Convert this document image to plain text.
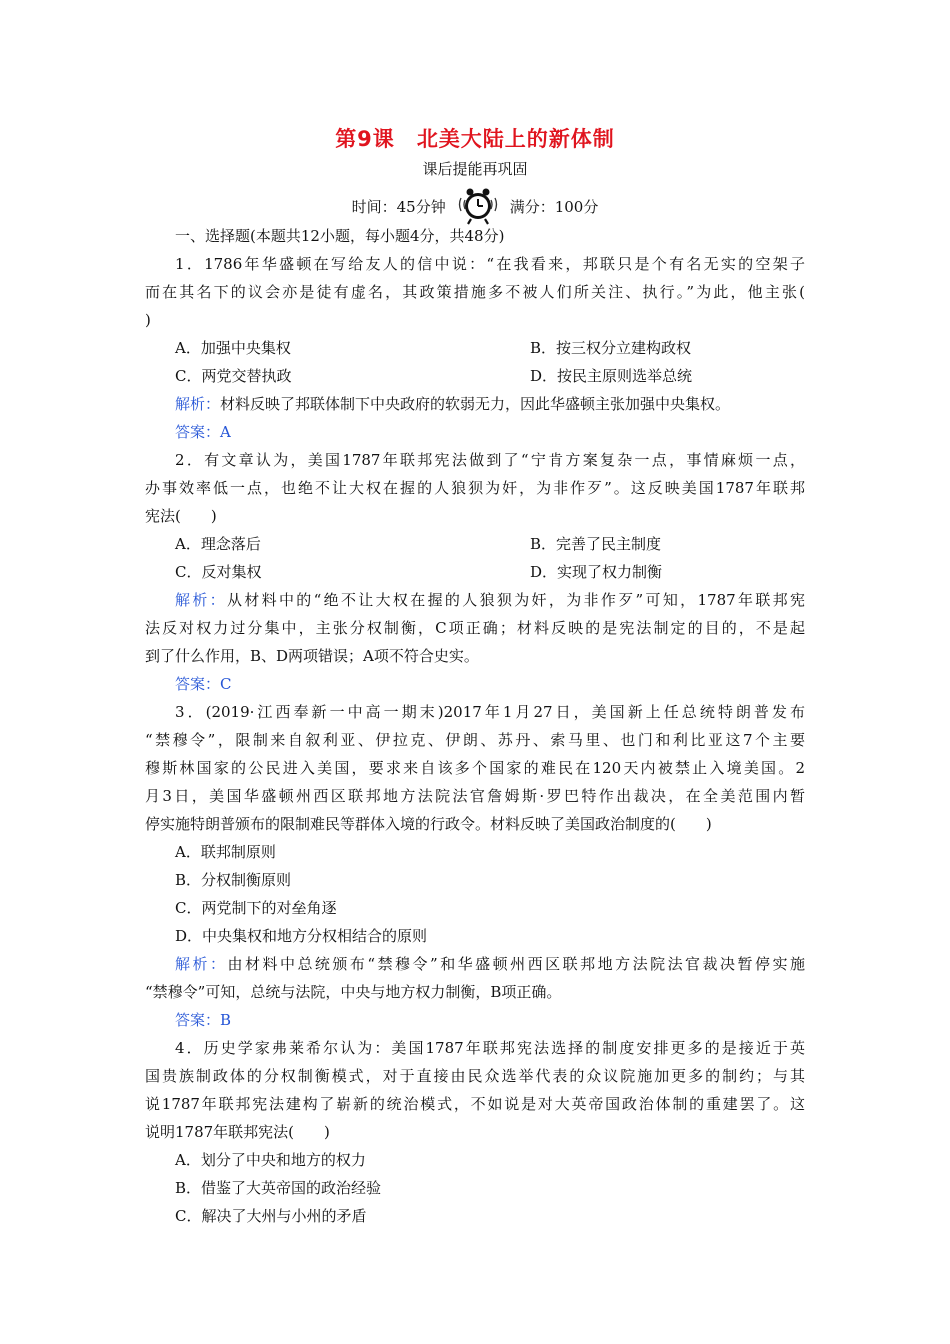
第9课 北美大陆上的新体制
课后提能再巩固
时间：45分钟	满分：100分
一、选择题(本题共12小题，每小题4分，共48分)
1．1786年华盛顿在写给友人的信中说：“在我看来，邦联只是个有名无实的空架子
而在其名下的议会亦是徒有虚名，其政策措施多不被人们所关注、执行。”为此，他主张(
)
A．加强中央集权	B．按三权分立建构政权
C．两党交替执政	D．按民主原则选举总统
解析：材料反映了邦联体制下中央政府的软弱无力，因此华盛顿主张加强中央集权。
答案：A
2．有文章认为，美国1787年联邦宪法做到了“宁肯方案复杂一点，事情麻烦一点，
办事效率低一点，也绝不让大权在握的人狼狈为奸，为非作歹”。这反映美国1787年联邦
宪法(　　)
A．理念落后	B．完善了民主制度
C．反对集权	D．实现了权力制衡
解析：从材料中的“绝不让大权在握的人狼狈为奸，为非作歹”可知，1787年联邦宪
法反对权力过分集中，主张分权制衡，C项正确；材料反映的是宪法制定的目的，不是起
到了什么作用，B、D两项错误；A项不符合史实。
答案：C
3．(2019·江西奉新一中高一期末)2017年1月27日，美国新上任总统特朗普发布
“禁穆令”，限制来自叙利亚、伊拉克、伊朗、苏丹、索马里、也门和利比亚这7个主要
穆斯林国家的公民进入美国，要求来自该多个国家的难民在120天内被禁止入境美国。2
月3日，美国华盛顿州西区联邦地方法院法官詹姆斯·罗巴特作出裁决，在全美范围内暂
停实施特朗普颁布的限制难民等群体入境的行政令。材料反映了美国政治制度的(　　)
A．联邦制原则
B．分权制衡原则
C．两党制下的对垒角逐
D．中央集权和地方分权相结合的原则
解析：由材料中总统颁布“禁穆令”和华盛顿州西区联邦地方法院法官裁决暂停实施
“禁穆令”可知，总统与法院，中央与地方权力制衡，B项正确。
答案：B
4．历史学家弗莱希尔认为：美国1787年联邦宪法选择的制度安排更多的是接近于英
国贵族制政体的分权制衡模式，对于直接由民众选举代表的众议院施加更多的制约；与其
说1787年联邦宪法建构了崭新的统治模式，不如说是对大英帝国政治体制的重建罢了。这
说明1787年联邦宪法(　　)
A．划分了中央和地方的权力
B．借鉴了大英帝国的政治经验
C．解决了大州与小州的矛盾
